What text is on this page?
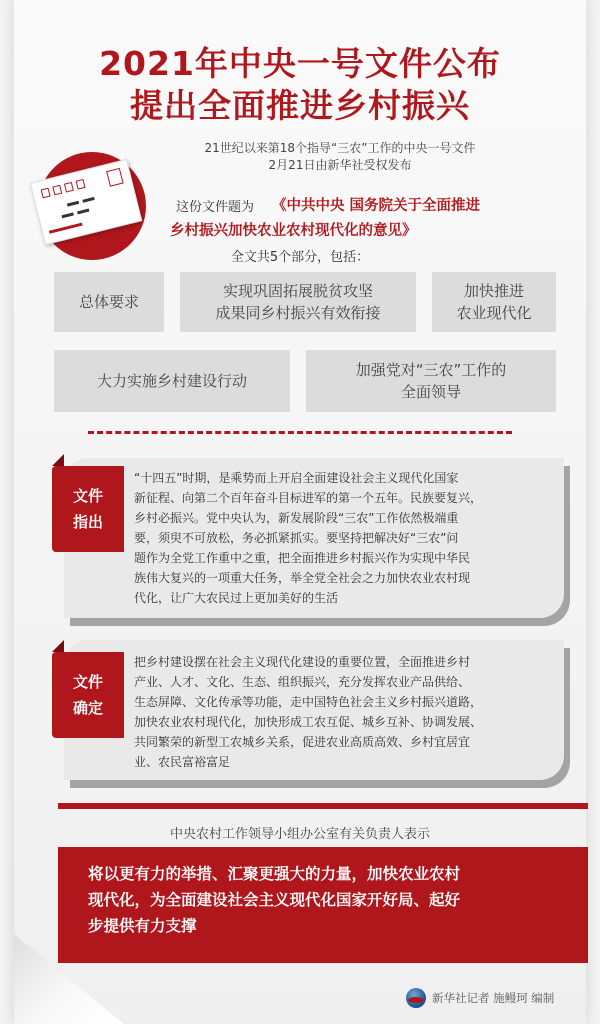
2021年中央一号文件公布
提出全面推进乡村振兴
21世纪以来第18个指导“三农”工作的中央一号文件
2月21日由新华社受权发布
这份文件题为 《中共中央 国务院关于全面推进
乡村振兴加快农业农村现代化的意见》
全文共5个部分，包括：
总体要求
实现巩固拓展脱贫攻坚
成果同乡村振兴有效衔接
加快推进
农业现代化
大力实施乡村建设行动
加强党对“三农”工作的
全面领导

“十四五”时期，是乘势而上开启全面建设社会主义现代化国家

新征程、向第二个百年奋斗目标进军的第一个五年。民族要复兴，

乡村必振兴。党中央认为，新发展阶段“三农”工作依然极端重

要，须臾不可放松，务必抓紧抓实。要坚持把解决好“三农”问

题作为全党工作重中之重，把全面推进乡村振兴作为实现中华民

族伟大复兴的一项重大任务，举全党全社会之力加快农业农村现

代化，让广大农民过上更加美好的生活

文件
指出

把乡村建设摆在社会主义现代化建设的重要位置，全面推进乡村

产业、人才、文化、生态、组织振兴，充分发挥农业产品供给、

生态屏障、文化传承等功能，走中国特色社会主义乡村振兴道路，

加快农业农村现代化，加快形成工农互促、城乡互补、协调发展、

共同繁荣的新型工农城乡关系，促进农业高质高效、乡村宜居宜

业、农民富裕富足

文件
确定
中央农村工作领导小组办公室有关负责人表示

将以更有力的举措、汇聚更强大的力量，加快农业农村

现代化，为全面建设社会主义现代化国家开好局、起好

步提供有力支撑

新华社记者 施鳗珂 编制
